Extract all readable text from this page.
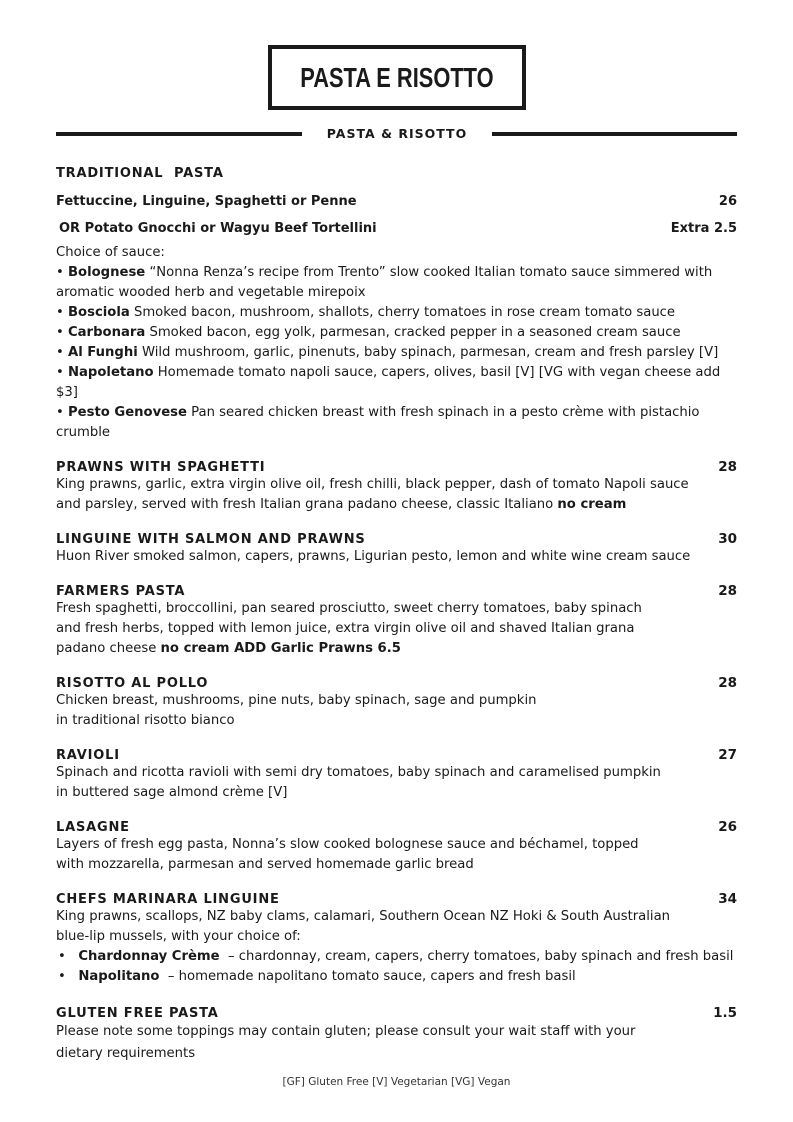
PASTA E RISOTTO
PASTA & RISOTTO
TRADITIONAL  PASTA
Fettuccine, Linguine, Spaghetti or Penne	26
OR Potato Gnocchi or Wagyu Beef Tortellini	Extra 2.5
Choice of sauce:
• Bolognese “Nonna Renza’s recipe from Trento” slow cooked Italian tomato sauce simmered with aromatic wooded herb and vegetable mirepoix
• Bosciola Smoked bacon, mushroom, shallots, cherry tomatoes in rose cream tomato sauce
• Carbonara Smoked bacon, egg yolk, parmesan, cracked pepper in a seasoned cream sauce
• Al Funghi Wild mushroom, garlic, pinenuts, baby spinach, parmesan, cream and fresh parsley [V]
• Napoletano Homemade tomato napoli sauce, capers, olives, basil [V] [VG with vegan cheese add $3]
• Pesto Genovese Pan seared chicken breast with fresh spinach in a pesto crème with pistachio crumble
PRAWNS WITH SPAGHETTI	28
King prawns, garlic, extra virgin olive oil, fresh chilli, black pepper, dash of tomato Napoli sauce
and parsley, served with fresh Italian grana padano cheese, classic Italiano no cream
LINGUINE WITH SALMON AND PRAWNS	30
Huon River smoked salmon, capers, prawns, Ligurian pesto, lemon and white wine cream sauce
FARMERS PASTA	28
Fresh spaghetti, broccollini, pan seared prosciutto, sweet cherry tomatoes, baby spinach
and fresh herbs, topped with lemon juice, extra virgin olive oil and shaved Italian grana
padano cheese no cream ADD Garlic Prawns 6.5
RISOTTO AL POLLO	28
Chicken breast, mushrooms, pine nuts, baby spinach, sage and pumpkin
in traditional risotto bianco
RAVIOLI	27
Spinach and ricotta ravioli with semi dry tomatoes, baby spinach and caramelised pumpkin
in buttered sage almond crème [V]
LASAGNE	26
Layers of fresh egg pasta, Nonna’s slow cooked bolognese sauce and béchamel, topped
with mozzarella, parmesan and served homemade garlic bread
CHEFS MARINARA LINGUINE	34
King prawns, scallops, NZ baby clams, calamari, Southern Ocean NZ Hoki & South Australian
blue-lip mussels, with your choice of:
•   Chardonnay Crème  – chardonnay, cream, capers, cherry tomatoes, baby spinach and fresh basil
•   Napolitano  – homemade napolitano tomato sauce, capers and fresh basil
GLUTEN FREE PASTA	1.5
Please note some toppings may contain gluten; please consult your wait staff with your
dietary requirements
[GF] Gluten Free [V] Vegetarian [VG] Vegan
